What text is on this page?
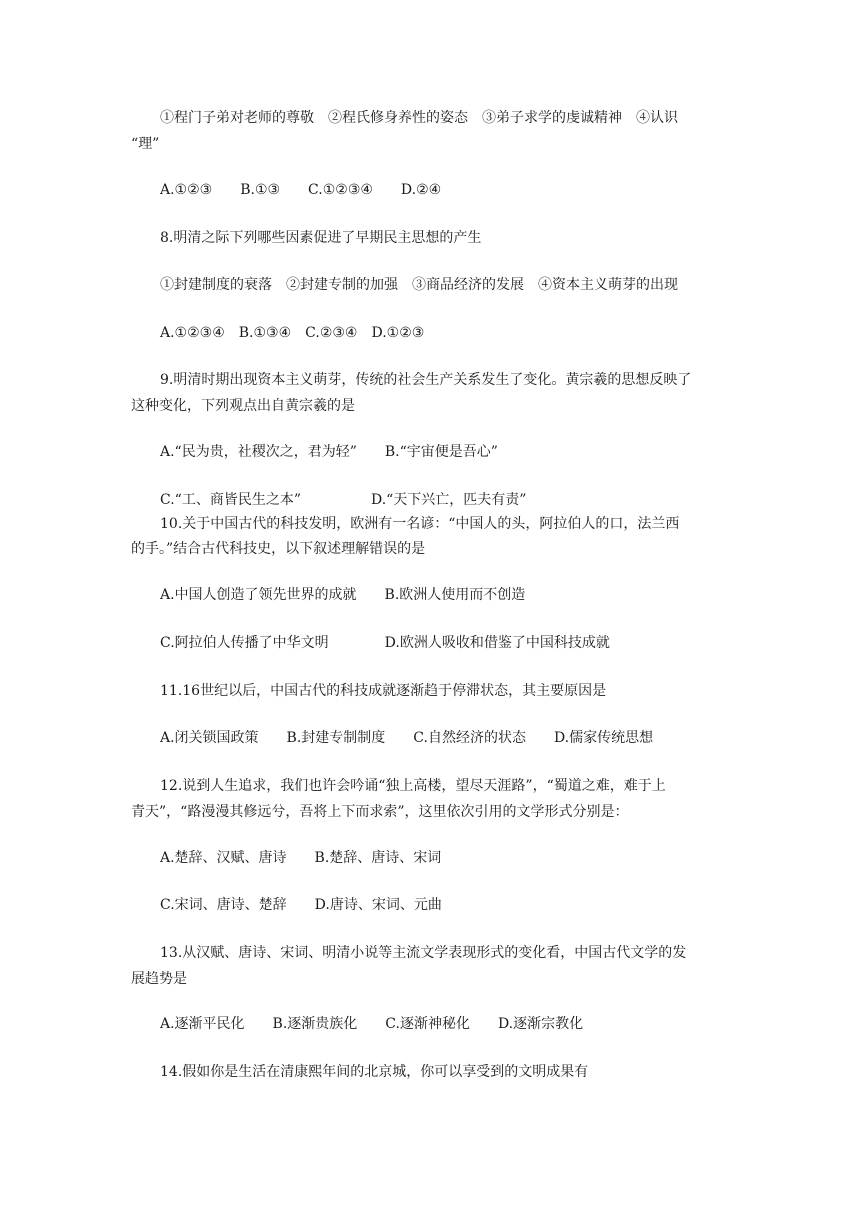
①程门子弟对老师的尊敬　②程氏修身养性的姿态　③弟子求学的虔诚精神　④认识
“理”
A.①②③　　B.①③　　C.①②③④　　D.②④
8.明清之际下列哪些因素促进了早期民主思想的产生
①封建制度的衰落　②封建专制的加强　③商品经济的发展　④资本主义萌芽的出现
A.①②③④　B.①③④　C.②③④　D.①②③
9.明清时期出现资本主义萌芽，传统的社会生产关系发生了变化。黄宗羲的思想反映了
这种变化，下列观点出自黄宗羲的是
A.“民为贵，社稷次之，君为轻”　　B.“宇宙便是吾心”
C.“工、商皆民生之本”　　　　　D.“天下兴亡，匹夫有责”
10.关于中国古代的科技发明，欧洲有一名谚：“中国人的头，阿拉伯人的口，法兰西
的手。”结合古代科技史，以下叙述理解错误的是
A.中国人创造了领先世界的成就　　B.欧洲人使用而不创造
C.阿拉伯人传播了中华文明　　　　D.欧洲人吸收和借鉴了中国科技成就
11.16世纪以后，中国古代的科技成就逐渐趋于停滞状态，其主要原因是
A.闭关锁国政策　　B.封建专制制度　　C.自然经济的状态　　D.儒家传统思想
12.说到人生追求，我们也许会吟诵“独上高楼，望尽天涯路”，“蜀道之难，难于上
青天”，“路漫漫其修远兮，吾将上下而求索”，这里依次引用的文学形式分别是：
A.楚辞、汉赋、唐诗　　B.楚辞、唐诗、宋词
C.宋词、唐诗、楚辞　　D.唐诗、宋词、元曲
13.从汉赋、唐诗、宋词、明清小说等主流文学表现形式的变化看，中国古代文学的发
展趋势是
A.逐渐平民化　　B.逐渐贵族化　　C.逐渐神秘化　　D.逐渐宗教化
14.假如你是生活在清康熙年间的北京城，你可以享受到的文明成果有
